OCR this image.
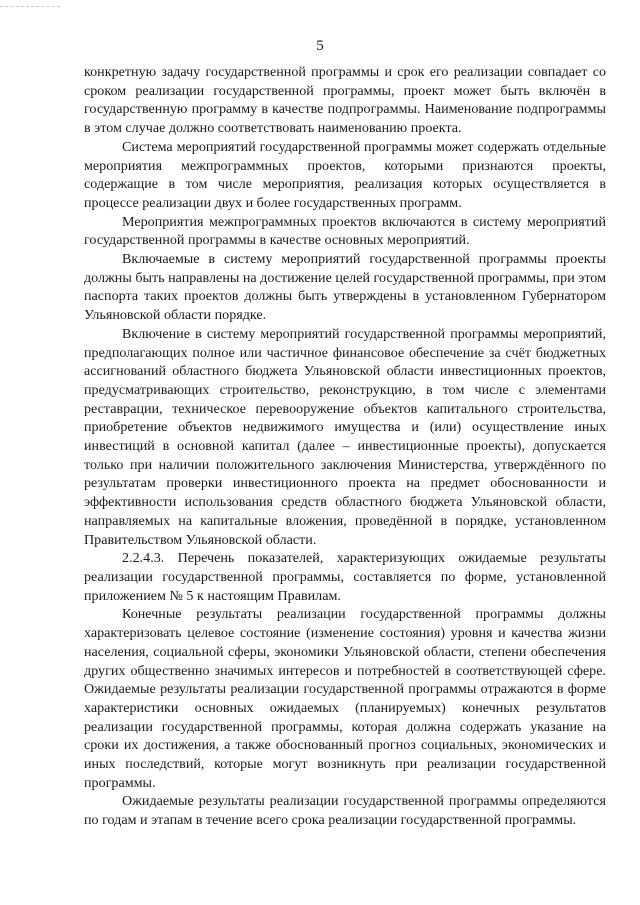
5

конкретную задачу государственной программы и срок его реализации совпадает со сроком реализации государственной программы, проект может быть включён в государственную программу в качестве подпрограммы. Наименование подпрограммы в этом случае должно соответствовать наименованию проекта.

Система мероприятий государственной программы может содержать отдельные мероприятия межпрограммных проектов, которыми признаются проекты, содержащие в том числе мероприятия, реализация которых осуществляется в процессе реализации двух и более государственных программ.

Мероприятия межпрограммных проектов включаются в систему мероприятий государственной программы в качестве основных мероприятий.

Включаемые в систему мероприятий государственной программы проекты должны быть направлены на достижение целей государственной программы, при этом паспорта таких проектов должны быть утверждены в установленном Губернатором Ульяновской области порядке.

Включение в систему мероприятий государственной программы мероприятий, предполагающих полное или частичное финансовое обеспечение за счёт бюджетных ассигнований областного бюджета Ульяновской области инвестиционных проектов, предусматривающих строительство, реконструкцию, в том числе с элементами реставрации, техническое перевооружение объектов капитального строительства, приобретение объектов недвижимого имущества и (или) осуществление иных инвестиций в основной капитал (далее – инвестиционные проекты), допускается только при наличии положительного заключения Министерства, утверждённого по результатам проверки инвестиционного проекта на предмет обоснованности и эффективности использования средств областного бюджета Ульяновской области, направляемых на капитальные вложения, проведённой в порядке, установленном Правительством Ульяновской области.

2.2.4.3. Перечень показателей, характеризующих ожидаемые результаты реализации государственной программы, составляется по форме, установленной приложением № 5 к настоящим Правилам.

Конечные результаты реализации государственной программы должны характеризовать целевое состояние (изменение состояния) уровня и качества жизни населения, социальной сферы, экономики Ульяновской области, степени обеспечения других общественно значимых интересов и потребностей в соответствующей сфере. Ожидаемые результаты реализации государственной программы отражаются в форме характеристики основных ожидаемых (планируемых) конечных результатов реализации государственной программы, которая должна содержать указание на сроки их достижения, а также обоснованный прогноз социальных, экономических и иных последствий, которые могут возникнуть при реализации государственной программы.

Ожидаемые результаты реализации государственной программы определяются по годам и этапам в течение всего срока реализации государственной программы.
